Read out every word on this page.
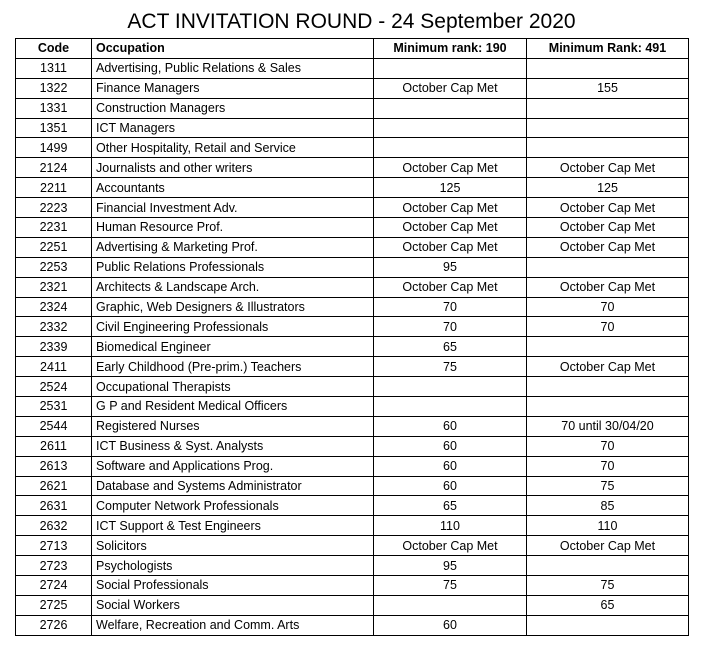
ACT INVITATION ROUND - 24 September 2020
Code	Occupation	Minimum rank: 190	Minimum Rank: 491
1311	Advertising, Public Relations & Sales		
1322	Finance Managers	October Cap Met	155
1331	Construction Managers		
1351	ICT Managers		
1499	Other Hospitality, Retail and Service		
2124	Journalists and other writers	October Cap Met	October Cap Met
2211	Accountants	125	125
2223	Financial Investment Adv.	October Cap Met	October Cap Met
2231	Human Resource Prof.	October Cap Met	October Cap Met
2251	Advertising & Marketing Prof.	October Cap Met	October Cap Met
2253	Public Relations Professionals	95	
2321	Architects & Landscape Arch.	October Cap Met	October Cap Met
2324	Graphic, Web Designers & Illustrators	70	70
2332	Civil Engineering Professionals	70	70
2339	Biomedical Engineer	65	
2411	Early Childhood (Pre-prim.) Teachers	75	October Cap Met
2524	Occupational Therapists		
2531	G P and Resident Medical Officers		
2544	Registered Nurses	60	70 until 30/04/20
2611	ICT Business & Syst. Analysts	60	70
2613	Software and Applications Prog.	60	70
2621	Database and Systems Administrator	60	75
2631	Computer Network Professionals	65	85
2632	ICT Support & Test Engineers	110	110
2713	Solicitors	October Cap Met	October Cap Met
2723	Psychologists	95	
2724	Social Professionals	75	75
2725	Social Workers		65
2726	Welfare, Recreation and Comm. Arts	60	
